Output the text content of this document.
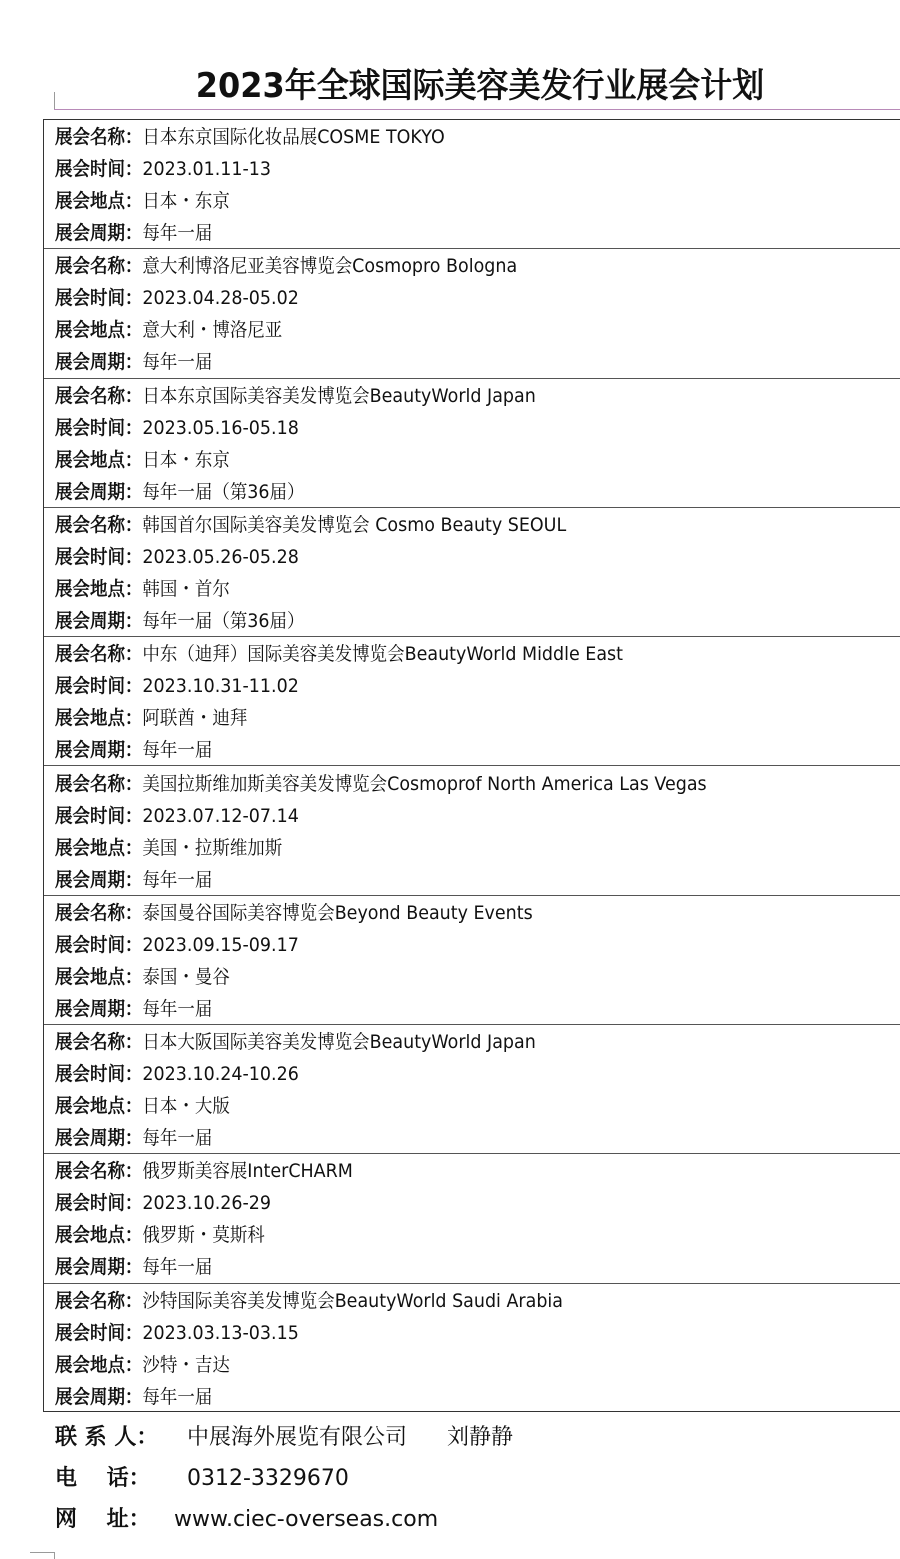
2023年全球国际美容美发行业展会计划
展会名称：日本东京国际化妆品展COSME TOKYO
展会时间：2023.01.11-13
展会地点：日本・东京
展会周期：每年一届
展会名称：意大利博洛尼亚美容博览会Cosmopro Bologna
展会时间：2023.04.28-05.02
展会地点：意大利・博洛尼亚
展会周期：每年一届
展会名称：日本东京国际美容美发博览会BeautyWorld Japan
展会时间：2023.05.16-05.18
展会地点：日本・东京
展会周期：每年一届（第36届）
展会名称：韩国首尔国际美容美发博览会 Cosmo Beauty SEOUL
展会时间：2023.05.26-05.28
展会地点：韩国・首尔
展会周期：每年一届（第36届）
展会名称：中东（迪拜）国际美容美发博览会BeautyWorld Middle East
展会时间：2023.10.31-11.02
展会地点：阿联酋・迪拜
展会周期：每年一届
展会名称：美国拉斯维加斯美容美发博览会Cosmoprof North America Las Vegas
展会时间：2023.07.12-07.14
展会地点：美国・拉斯维加斯
展会周期：每年一届
展会名称：泰国曼谷国际美容博览会Beyond Beauty Events
展会时间：2023.09.15-09.17
展会地点：泰国・曼谷
展会周期：每年一届
展会名称：日本大阪国际美容美发博览会BeautyWorld Japan
展会时间：2023.10.24-10.26
展会地点：日本・大版
展会周期：每年一届
展会名称：俄罗斯美容展InterCHARM
展会时间：2023.10.26-29
展会地点：俄罗斯・莫斯科
展会周期：每年一届
展会名称：沙特国际美容美发博览会BeautyWorld Saudi Arabia
展会时间：2023.03.13-03.15
展会地点：沙特・吉达
展会周期：每年一届
联 系 人： 中展海外展览有限公司 刘静静
电　 话： 0312-3329670
网　 址： www.ciec-overseas.com
